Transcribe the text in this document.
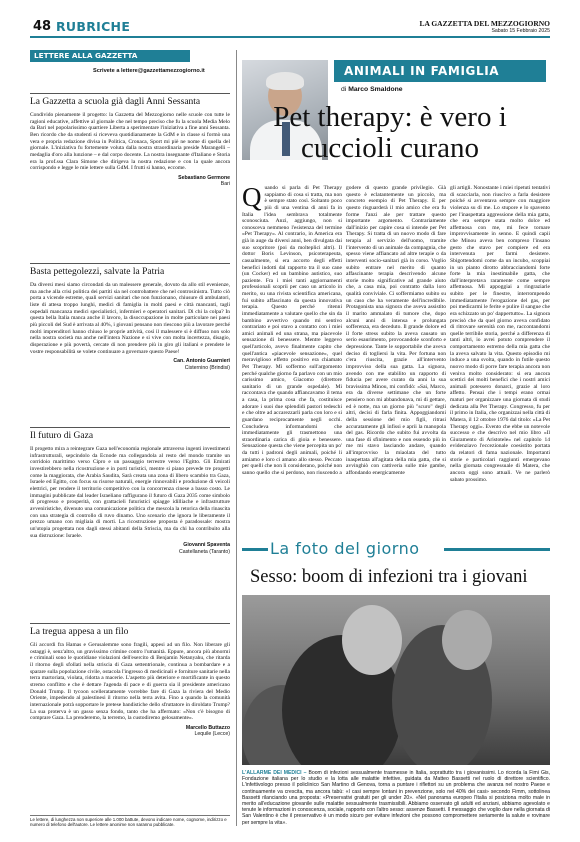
48 RUBRICHE	LA GAZZETTA DEL MEZZOGIORNO
Sabato 15 Febbraio 2025
LETTERE ALLA GAZZETTA
Scrivete a lettere@gazzettamezzogiorno.it
La Gazzetta a scuola già dagli Anni Sessanta
Condivido pienamente il progetto: la Gazzetta del Mezzogiorno nelle scuole con tutte le ragioni educative, affettive al giornale che nel tempo preciso che fu la scuola Media Melo da Bari nel popolarissimo quartiere Liberta a sperimentare l'iniziativa a fine anni Sessanta. Ben ricordo che da studenti si riceveva quotidianamente la GdM e in classe si formò una vera e propria redazione divisa in Politica, Cronaca, Sport mi piè ne nome di quella del giornale. L'iniziativa fu fortemente voluta dalla nostra straordinaria preside Marangelli – medaglia d'oro alla lunzione – e dal corpo docente. La nostra insegnante d'Italiano e Storia era la prof.ssa Clara Simone che dirigeva la nostra redazione e con la quale ancora corrispondo e legge le mie lettere sulla GdM. I frutti sì hanno, eccome.
Sebastiano Germone
Bari
Basta pettegolezzi, salvate la Patria
Da diversi mesi siamo circondati da un malessere generale, dovuto da allo stil evenienze, ma anche alla crisi politica dei partiti sia nel controbattere che nel controsinistra. Tutto ciò porta a vicende estreme, quali servizi sanitari che non funzionano, chiusure di ambulatori, liste di attesa troppo lunghi, medici di famiglia in molti paesi e città mancanti, tagli ospedali mancanza medici specialistici, infermieri e operatori sanitari. Di chi la colpa? In questa bella Italia manca anche il lavoro, la disoccupazione in molte particolare nei paesi più piccoli del Sud è arrivata al 40%, i giovani pensano non riescono più a lavorare perché molti imprenditori hanno chiuso le proprie attività, così il malessere si è diffuso non solo nella nostra società ma anche nell'intera Nazione e si vive con molta incertezza, disagio, disperazione e più povertà, cercate di non prendere più in giro gli italiani e prendete le vostre responsabilità se volete continuare a governare questo Paese!
Can. Antonio Guarnieri
Cisternino (Brindisi)
Il futuro di Gaza
Il progetto mira a reintegrare Gaza nell'economia regionale attraverso ingenti investimenti infrastrutturali, sepcindolo da Ecnode ma collegandola al resto del mondo tramite un corridoio marittimo verso Cipro e un passaggio terrestre verso l'Egitto. Gli Emirati investirebbero nella ricostruzione e in porti turistici, mentre si piano prevede tre progetti come la maggiorata, che Arabia Saudita, Sarà creata una zona di libero scambio tra Gaza, Israele ed Egitto, con focus su risorse naturali, energie rinnovabili e produzione di veicoli elettrici, per rendere il territorio competitivo con la concorrenza cinese a basso costo. Le immagini pubblicate dal leader Israeliano raffigurano il futuro di Gaza 2035 come simbolo di progresso e prosperità, con grattacieli futuristici spiagge idilliache e infrastrutture avveniristiche, divenuto una comunicazione politica che mescola la retorica della rinascita con una strategia di controllo di ruvo dinamo. Uno scenario che ignora le liberamente il prezzo umano con migliaia di morti. La ricostruzione proposta è paradossale: mostra un'utopia progettata non dagli stessi abitanti della Striscia, ma da chi ha contribuito alla sua distruzione: Israele.
Giovanni Spaventa
Castellaneta (Taranto)
La tregua appesa a un filo
Gli accordi fra Hamas e Gerusalemme sono fragili, appesi ad un filo. Non liberare gli ostaggi è, senz'altro, un gravissimo crimine contro l'umanità. Eppure, ancora più abnormi e criminali sono le quotidiane violazioni dell'esercito di Benjamin Netanyahu, che ritarda il ritorno degli sfollati nella striscia di Gaza settentrionale, continua a bombardare e a sparare sulla popolazione civile, ostacola l'ingresso di medicinali e forniture sanitarie nella terra martoriata, violata, ridotta a macerie. L'aspetto più deteriore e mortificante in questo stremo conflitto e che è dettare l'agenda di pace e di guerra sia il presidente americano Donald Trump. Il tycoon scelleratamente vorrebbe fare di Gaza la riviera del Medio Oriente, impedendo al palestinesi il ritorno nella terra avita. Fino a quando la comunità internazionale potrà sopportare le pretese bandistiche dello sfruttatore in diroldato Trump? La sua proterva è un gasso senza fondo, tanto che ha affermato: «Non c'è bisogno di comprare Gaza. La prenderemo, la terremo, la custodiremo gelosamente».
Marcello Buttazzo
Lequile (Lecce)
Le lettere, di lunghezza non superiore alle 1.000 battute, devono indicare nome, cognome, indirizzo e numero di telefono dell'autore. Le lettere anonime non saranno pubblicate.
ANIMALI IN FAMIGLIA
di Marco Smaldone
Pet therapy: è vero i cuccioli curano
Quando si parla di Pet Therapy sappiamo di cosa si tratta, ma non è sempre stato così. Soltanto poco più di una ventina di anni fa in Italia l'idea sembrava totalmente sconosciuta. Anzi, aggiungo, non si conosceva nemmeno l'esistenza del termine «Pet Therapy». Al contrario, in America era già in auge da diversi anni, ben divulgata dai suo scopritore (poi da molteplici altri). Il dottor Boris Levinson, psicoterapeuta, casualmente, si era accorto degli effetti benefici indotti dal rapporto tra il suo cane (un Cocker) ed un bambino autistico, suo paziente. Fra i miei tanti aggiornamenti professionali scoprii per caso un articolo in merito, su una rivista scientifica americana, fui subito affascinato da questa innovativa terapia. Questo perché ritenni immediatamente a valutare quello che sin da bambino avvertivo quando mi sentivo contrariato e poi stavo a contatto con i miei amici animali ed una strana, ma piacevole sensazione di benessere. Mentre leggevo quell'articolo, avevo finalmente capito che quell'antica «piacevole sensazione», quel meraviglioso effetto positivo era chiamato Pet Therapy. Mi soffermo sull'argomento perché qualche giorno fa parlavo con un mio carissimo amico, Giacomo (direttore sanitario di un grande ospedale). Mi raccontava che quando affiancavamo il tema a casa, la prima cosa che fa, costituisce adorare i suoi due splendidi pastori tedeschi e che oltre ad accarezzarli parla con loro e si guardano reciprocamente negli occhi. Concludeva informandomi che immediatamente gli trasmettono una straordinaria carica di gioia e benessere. Sensazione questa che viene percepita un po' da tutti i padroni degli animali, poiché li amiamo e loro ci amano allo stesso. Peccato per quelli che non li considerano, poiché non sanno quello che si perdono, non riuscendo a
godere di questo grande privilegio. Già questo è eclatantemente un piccolo, ma concreto esempio di Pet Therapy. E per questo risguarderà il mio amico che era fu forme l'anzi ale per trattare questo importante argomento. Contrariamente dall'inizio per capire cosa si intende per Pet Therapy. Si tratta di un nuovo modo di fare terapia al servizio dell'uomo, tramite l'intervento di un animale da compagnia, che spesso viene affiancato ad altre terapie o da interventi socio-sanitari già in corso. Voglio subito entrare nel merito di quanto affascinante terapia descrivendo alcune storie molto significative ad grande aiuto che, a casa mia, poi contratto dalla loro qualità conviviale. Ci soffermiamo subito su un caso che ha veramente dell'incredibile. Protagonista una signora che aveva assistito il marito ammalato di tumore che, dopo alcuni anni di intensa e prolungata sofferenza, era deceduto. Il grande dolore ed il forte stress subito la aveva causato un serio esaurimento, provocandole sconforto e depressione. Tante le sopportabile che aveva deciso di togliersi la vita. Per fortuna non c'era riuscita, grazie all'intervento improvviso della sua gatta. La signora, avendo con me stabilito un rapporto di fiducia per avere curato da anni la sua bravissima Minou, mi confidò: «Sai, Marco, era da diverse settimane che un forte pensiero non mi abbandonava, mi di gettare, ed è notte, ma un giorno più "scuro" degli altri, decisi di farla finita. Appoggiandomi della sessione del mio figli, ritrasi accuratamente gli infissi e aprii la manopola del gas. Ricordo che subito fui avvolta da una fase di sfinimento e non essendo più in me mi stavo lasciando andare, quando all'improvviso la miaolata del tutto inaspettata all'agitata della mia gatta, che si avvinghiò con cattiveria sulle mie gambe, affondando energicamente
gli artigli. Nonostante i miei ripetuti tentativi di scacciarla, non riuscivo a farla desistere poiché si avventava sempre con maggiore violenza su di me. Lo stupore e lo spavento per l'inaspettata aggressione della mia gatta, che era sempre stata molto dolce ed affettuosa con me, mi fece tornare improvvisamente in senno. E quindi capii che Minou aveva ben compreso l'insano gesto che stavo per compiere ed era intervenuta per farmi desistere. Sbigottendomi come da un incubo, scoppiai in un pianto dirotto abbracciandomi forte forte la mia inestimabile gatta, che dall'interpretava raramente come sempre affettuosa. Mi appoggiai a ringraziarle subito per le finestre, interrompendo immediatamente l'erogazione del gas, per poi medicarmi le ferite e pulire il sangue che era schizzato un po' dappertutto». La signora precisò che da quel giorno aveva confidato di ritrovare serenità con me, raccontandomi quelle terribile storia, perché a differenza di tanti altri, io avrei potuto comprendere il comportamento estremo della mia gatta che la aveva salvato la vita. Questo episodio mi induce a una svolta, quando in futile questo nuovo modo di porre fare terapia ancora non veniva molto considerato: si era ancora scettici dei molti benefici che i nostri amici animali potessero donarci, grazie al loro affetto. Pensai che i tempi erano ormai maturi per organizzare una giornata di studi dedicata alla Pet Therapy. Congresso, fu per il primo in Italia, che organizzai nella città di Matera, il 12 ottobre 1976 dal titolo: «La Pet Therapy oggi». Evento che ebbe un notevole successo e che descrivo nel mio libro «Il Giuramento di Aristotele» nel capitolo 14 evidenziavo l'eccezionale coesistito portata da relatori di fama nazionale. Importanti storie e particolari raggiunti emergevano nella giornata congressuale di Matera, che ancora oggi sono attuali. Ve ne parlerò sabato prossimo.
La foto del giorno
Sesso: boom di infezioni tra i giovani
L'ALLARME DEI MEDICI – Boom di infezioni sessualmente trasmesse in Italia, soprattutto tra i giovanissimi. Lo ricorda la Fimi Gis, Fondazione italiana per lo studio e la lotta alle malattie infettive, guidata da Matteo Bassetti nel ruolo di direttore scientifico. L'infettivologo presso il policlinico San Martino di Genova, torna a puntare i riflettori su un problema che avanza nel nostro Paese e continuamente va crescita, ma ancora tabù: «I casi sempre lontani in prevenzione, solo nel 40% dei casi» secondo Fimm, sottolinea Bassetti rilanciando una proposta: «Preservativi gratuiti per gli under 20». «Nel panorama europeo l'Italia si posiziona molto male in merito all'educazione giovanile sulle malattie sessualmente trasmissibili. Abbiamo osservato gli adulti ed anziani, abbiamo agevolato e tenute le informazioni in conoscenza, sociale, rapporto con l'altro sesso: assenze Bassetti. Il messaggio che voglio dare nella giornata di San Valentino è che il preservativo è un modo sicuro per evitare infezioni che possono compromettere seriamente la salute e rovinare per sempre la vita».
